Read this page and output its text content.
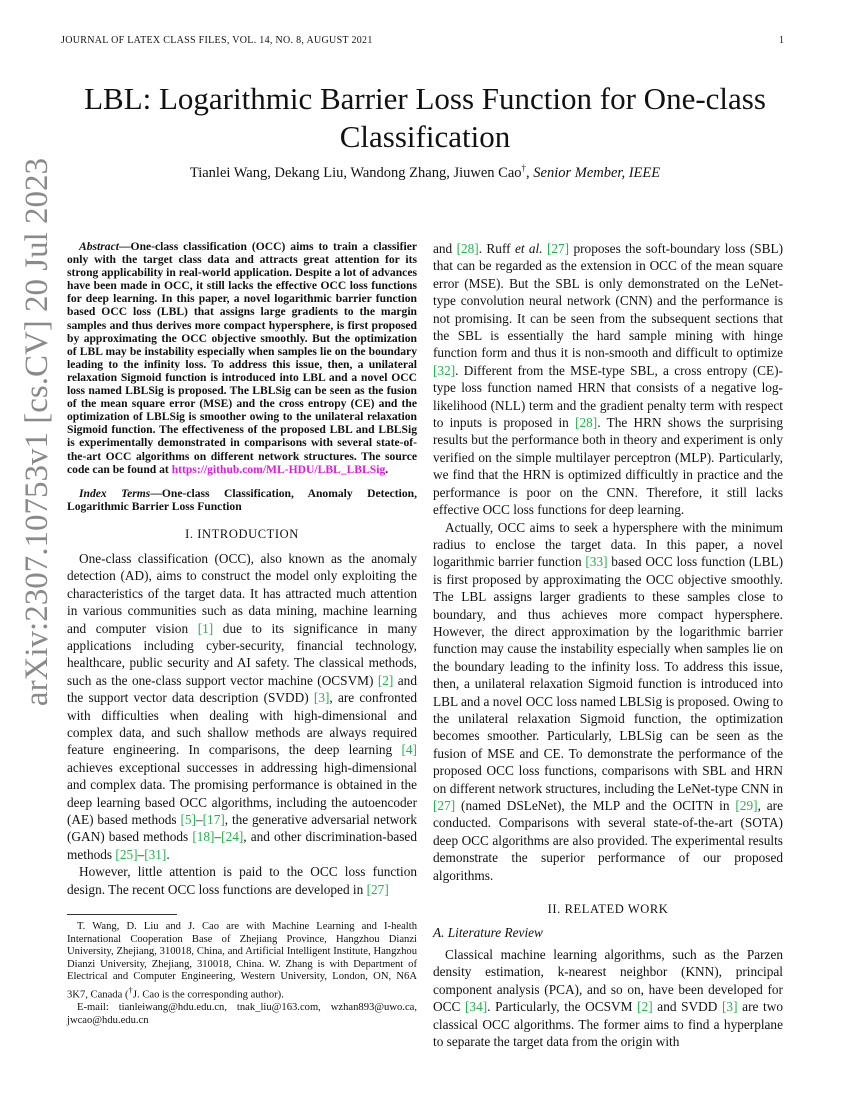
JOURNAL OF LATEX CLASS FILES, VOL. 14, NO. 8, AUGUST 2021	1
arXiv:2307.10753v1 [cs.CV] 20 Jul 2023
LBL: Logarithmic Barrier Loss Function for One-class Classification
Tianlei Wang, Dekang Liu, Wandong Zhang, Jiuwen Cao†, Senior Member, IEEE

Abstract—One-class classification (OCC) aims to train a classifier only with the target class data and attracts great attention for its strong applicability in real-world application. Despite a lot of advances have been made in OCC, it still lacks the effective OCC loss functions for deep learning. In this paper, a novel logarithmic barrier function based OCC loss (LBL) that assigns large gradients to the margin samples and thus derives more compact hypersphere, is first proposed by approximating the OCC objective smoothly. But the optimization of LBL may be instability especially when samples lie on the boundary leading to the infinity loss. To address this issue, then, a unilateral relaxation Sigmoid function is introduced into LBL and a novel OCC loss named LBLSig is proposed. The LBLSig can be seen as the fusion of the mean square error (MSE) and the cross entropy (CE) and the optimization of LBLSig is smoother owing to the unilateral relaxation Sigmoid function. The effectiveness of the proposed LBL and LBLSig is experimentally demonstrated in comparisons with several state-of-the-art OCC algorithms on different network structures. The source code can be found at https://github.com/ML-HDU/LBL_LBLSig.

Index Terms—One-class Classification, Anomaly Detection, Logarithmic Barrier Loss Function

I. INTRODUCTION

One-class classification (OCC), also known as the anomaly detection (AD), aims to construct the model only exploiting the characteristics of the target data. It has attracted much attention in various communities such as data mining, machine learning and computer vision [1] due to its significance in many applications including cyber-security, financial technology, healthcare, public security and AI safety. The classical methods, such as the one-class support vector machine (OCSVM) [2] and the support vector data description (SVDD) [3], are confronted with difficulties when dealing with high-dimensional and complex data, and such shallow methods are always required feature engineering. In comparisons, the deep learning [4] achieves exceptional successes in addressing high-dimensional and complex data. The promising performance is obtained in the deep learning based OCC algorithms, including the autoencoder (AE) based methods [5]–[17], the generative adversarial network (GAN) based methods [18]–[24], and other discrimination-based methods [25]–[31].

However, little attention is paid to the OCC loss function design. The recent OCC loss functions are developed in [27]

T. Wang, D. Liu and J. Cao are with Machine Learning and I-health International Cooperation Base of Zhejiang Province, Hangzhou Dianzi University, Zhejiang, 310018, China, and Artificial Intelligent Institute, Hangzhou Dianzi University, Zhejiang, 310018, China. W. Zhang is with Department of Electrical and Computer Engineering, Western University, London, ON, N6A 3K7, Canada (†J. Cao is the corresponding author).

E-mail: tianleiwang@hdu.edu.cn, tnak_liu@163.com, wzhan893@uwo.ca, jwcao@hdu.edu.cn

and [28]. Ruff et al. [27] proposes the soft-boundary loss (SBL) that can be regarded as the extension in OCC of the mean square error (MSE). But the SBL is only demonstrated on the LeNet-type convolution neural network (CNN) and the performance is not promising. It can be seen from the subsequent sections that the SBL is essentially the hard sample mining with hinge function form and thus it is non-smooth and difficult to optimize [32]. Different from the MSE-type SBL, a cross entropy (CE)-type loss function named HRN that consists of a negative log-likelihood (NLL) term and the gradient penalty term with respect to inputs is proposed in [28]. The HRN shows the surprising results but the performance both in theory and experiment is only verified on the simple multilayer perceptron (MLP). Particularly, we find that the HRN is optimized difficultly in practice and the performance is poor on the CNN. Therefore, it still lacks effective OCC loss functions for deep learning.

Actually, OCC aims to seek a hypersphere with the minimum radius to enclose the target data. In this paper, a novel logarithmic barrier function [33] based OCC loss function (LBL) is first proposed by approximating the OCC objective smoothly. The LBL assigns larger gradients to these samples close to boundary, and thus achieves more compact hypersphere. However, the direct approximation by the logarithmic barrier function may cause the instability especially when samples lie on the boundary leading to the infinity loss. To address this issue, then, a unilateral relaxation Sigmoid function is introduced into LBL and a novel OCC loss named LBLSig is proposed. Owing to the unilateral relaxation Sigmoid function, the optimization becomes smoother. Particularly, LBLSig can be seen as the fusion of MSE and CE. To demonstrate the performance of the proposed OCC loss functions, comparisons with SBL and HRN on different network structures, including the LeNet-type CNN in [27] (named DSLeNet), the MLP and the OCITN in [29], are conducted. Comparisons with several state-of-the-art (SOTA) deep OCC algorithms are also provided. The experimental results demonstrate the superior performance of our proposed algorithms.

II. RELATED WORK
A. Literature Review

Classical machine learning algorithms, such as the Parzen density estimation, k-nearest neighbor (KNN), principal component analysis (PCA), and so on, have been developed for OCC [34]. Particularly, the OCSVM [2] and SVDD [3] are two classical OCC algorithms. The former aims to find a hyperplane to separate the target data from the origin with
